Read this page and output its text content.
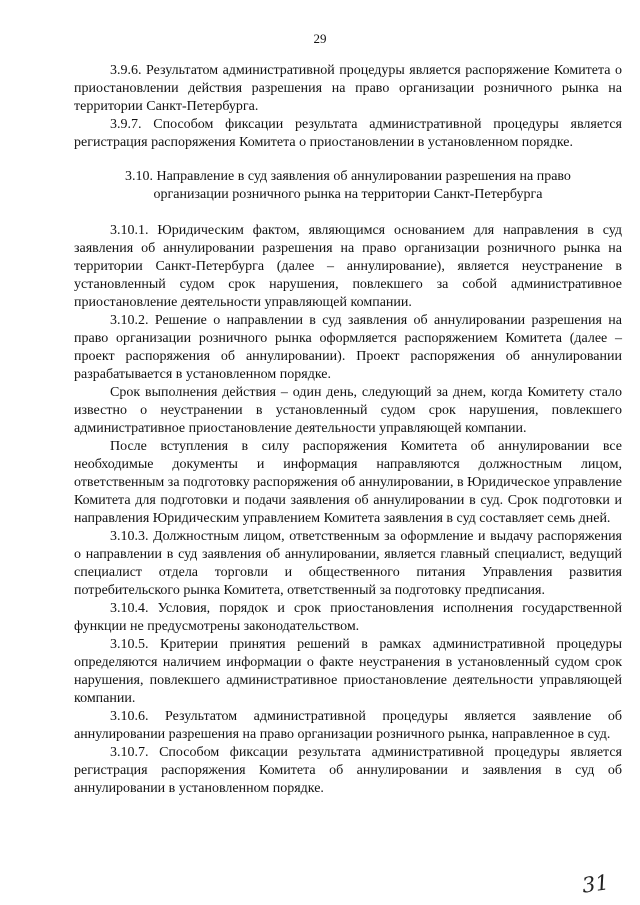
29

3.9.6. Результатом административной процедуры является распоряжение Комитета о приостановлении действия разрешения на право организации розничного рынка на территории Санкт-Петербурга.

3.9.7. Способом фиксации результата административной процедуры является регистрация распоряжения Комитета о приостановлении в установленном порядке.

3.10. Направление в суд заявления об аннулировании разрешения на право

организации розничного рынка на территории Санкт-Петербурга

3.10.1. Юридическим фактом, являющимся основанием для направления в суд заявления об аннулировании разрешения на право организации розничного рынка на территории Санкт-Петербурга (далее – аннулирование), является неустранение в установленный судом срок нарушения, повлекшего за собой административное приостановление деятельности управляющей компании.

3.10.2. Решение о направлении в суд заявления об аннулировании разрешения на право организации розничного рынка оформляется распоряжением Комитета (далее – проект распоряжения об аннулировании). Проект распоряжения об аннулировании разрабатывается в установленном порядке.

Срок выполнения действия – один день, следующий за днем, когда Комитету стало известно о неустранении в установленный судом срок нарушения, повлекшего административное приостановление деятельности управляющей компании.

После вступления в силу распоряжения Комитета об аннулировании все необходимые документы и информация направляются должностным лицом, ответственным за подготовку распоряжения об аннулировании, в Юридическое управление Комитета для подготовки и подачи заявления об аннулировании в суд. Срок подготовки и направления Юридическим управлением Комитета заявления в суд составляет семь дней.

3.10.3. Должностным лицом, ответственным за оформление и выдачу распоряжения о направлении в суд заявления об аннулировании, является главный специалист, ведущий специалист отдела торговли и общественного питания Управления развития потребительского рынка Комитета, ответственный за подготовку предписания.

3.10.4. Условия, порядок и срок приостановления исполнения государственной функции не предусмотрены законодательством.

3.10.5. Критерии принятия решений в рамках административной процедуры определяются наличием информации о факте неустранения в установленный судом срок нарушения, повлекшего административное приостановление деятельности управляющей компании.

3.10.6. Результатом административной процедуры является заявление об аннулировании разрешения на право организации розничного рынка, направленное в суд.

3.10.7. Способом фиксации результата административной процедуры является регистрация распоряжения Комитета об аннулировании и заявления в суд об аннулировании в установленном порядке.

31
